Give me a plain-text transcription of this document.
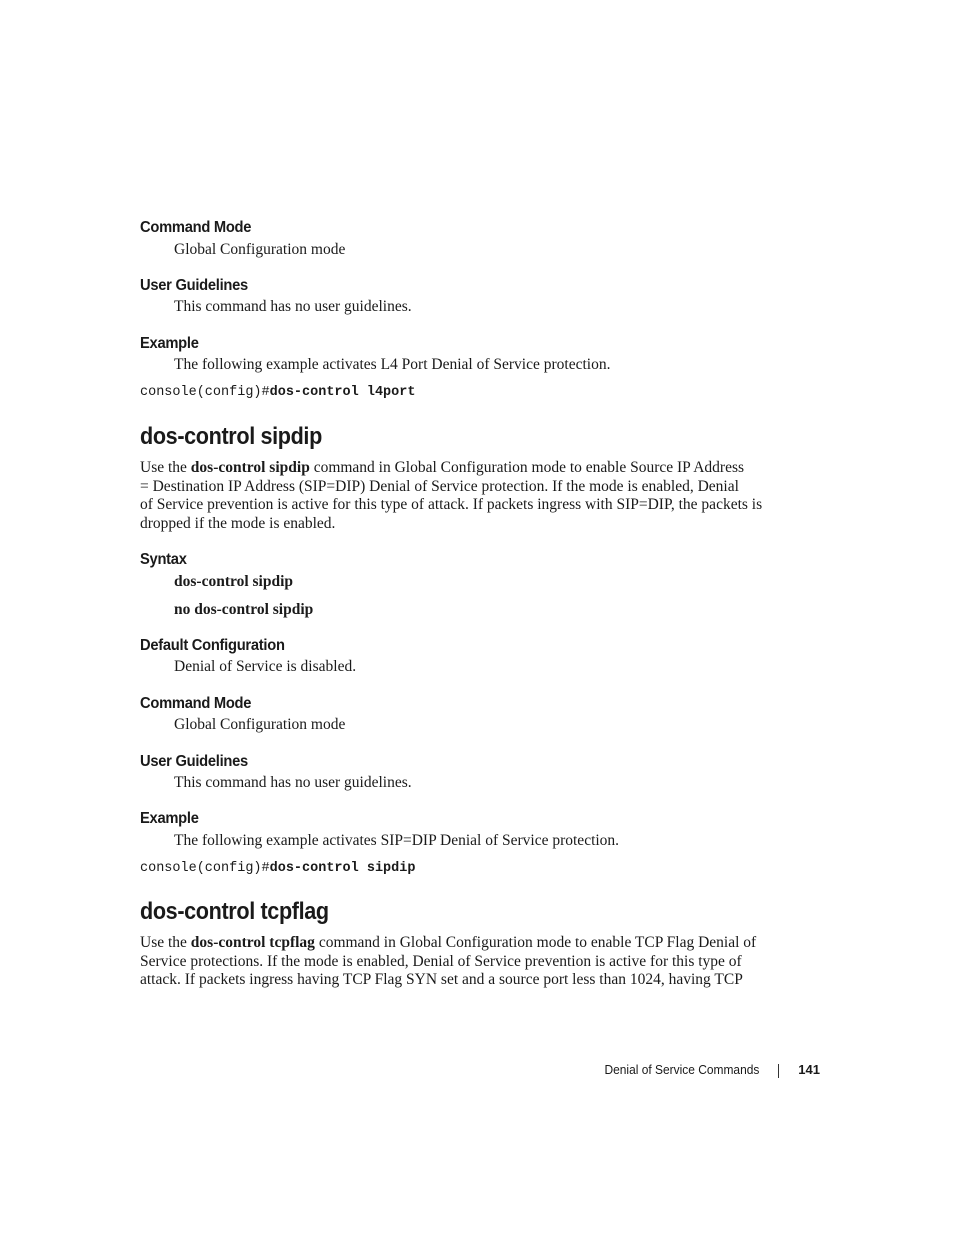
Command Mode
Global Configuration mode
User Guidelines
This command has no user guidelines.
Example
The following example activates L4 Port Denial of Service protection.
console(config)#dos-control l4port
dos-control sipdip
Use the dos-control sipdip command in Global Configuration mode to enable Source IP Address
= Destination IP Address (SIP=DIP) Denial of Service protection. If the mode is enabled, Denial
of Service prevention is active for this type of attack. If packets ingress with SIP=DIP, the packets is
dropped if the mode is enabled.
Syntax
dos-control sipdip
no dos-control sipdip
Default Configuration
Denial of Service is disabled.
Command Mode
Global Configuration mode
User Guidelines
This command has no user guidelines.
Example
The following example activates SIP=DIP Denial of Service protection.
console(config)#dos-control sipdip
dos-control tcpflag
Use the dos-control tcpflag command in Global Configuration mode to enable TCP Flag Denial of
Service protections. If the mode is enabled, Denial of Service prevention is active for this type of
attack. If packets ingress having TCP Flag SYN set and a source port less than 1024, having TCP
Denial of Service Commands	141
